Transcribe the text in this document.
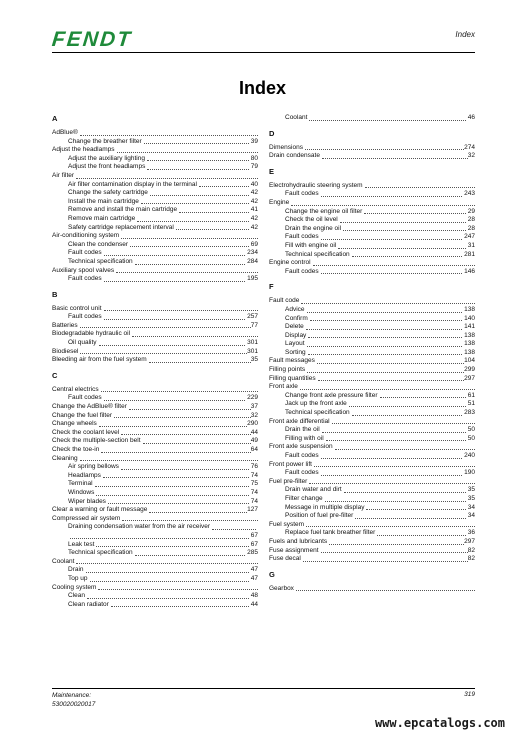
FENDT	Index
Index
A
AdBlue®
Change the breather filter	39
Adjust the headlamps
Adjust the auxiliary lighting	80
Adjust the front headlamps	79
Air filter
Air filter contamination display in the terminal	40
Change the safety cartridge	42
Install the main cartridge	42
Remove and install the main cartridge	41
Remove main cartridge	42
Safety cartridge replacement interval	42
Air-conditioning system
Clean the condenser	69
Fault codes	234
Technical specification	284
Auxiliary spool valves
Fault codes	195
B
Basic control unit
Fault codes	257
Batteries	77
Biodegradable hydraulic oil
Oil quality	301
Biodiesel	301
Bleeding air from the fuel system	35
C
Central electrics
Fault codes	229
Change the AdBlue® filter	37
Change the fuel filter	32
Change wheels	290
Check the coolant level	44
Check the multiple-section belt	49
Check the toe-in	64
Cleaning
Air spring bellows	76
Headlamps	74
Terminal	75
Windows	74
Wiper blades	74
Clear a warning or fault message	127
Compressed air system
Draining condensation water from the air receiver
67
Leak test	67
Technical specification	285
Coolant
Drain	47
Top up	47
Cooling system
Clean	48
Clean radiator	44
Coolant	46
D
Dimensions	274
Drain condensate	32
E
Electrohydraulic steering system
Fault codes	243
Engine
Change the engine oil filter	29
Check the oil level	28
Drain the engine oil	28
Fault codes	247
Fill with engine oil	31
Technical specification	281
Engine control
Fault codes	146
F
Fault code
Advice	138
Confirm	140
Delete	141
Display	138
Layout	138
Sorting	138
Fault messages	104
Filling points	299
Filling quantities	297
Front axle
Change front axle pressure filter	61
Jack up the front axle	51
Technical specification	283
Front axle differential
Drain the oil	50
Filling with oil	50
Front axle suspension
Fault codes	240
Front power lift
Fault codes	190
Fuel pre-filter
Drain water and dirt	35
Filter change	35
Message in multiple display	34
Position of fuel pre-filter	34
Fuel system
Replace fuel tank breather filter	36
Fuels and lubricants	297
Fuse assignment	82
Fuse decal	82
G
Gearbox
Maintenance:
530020020017
319
www.epcatalogs.com
